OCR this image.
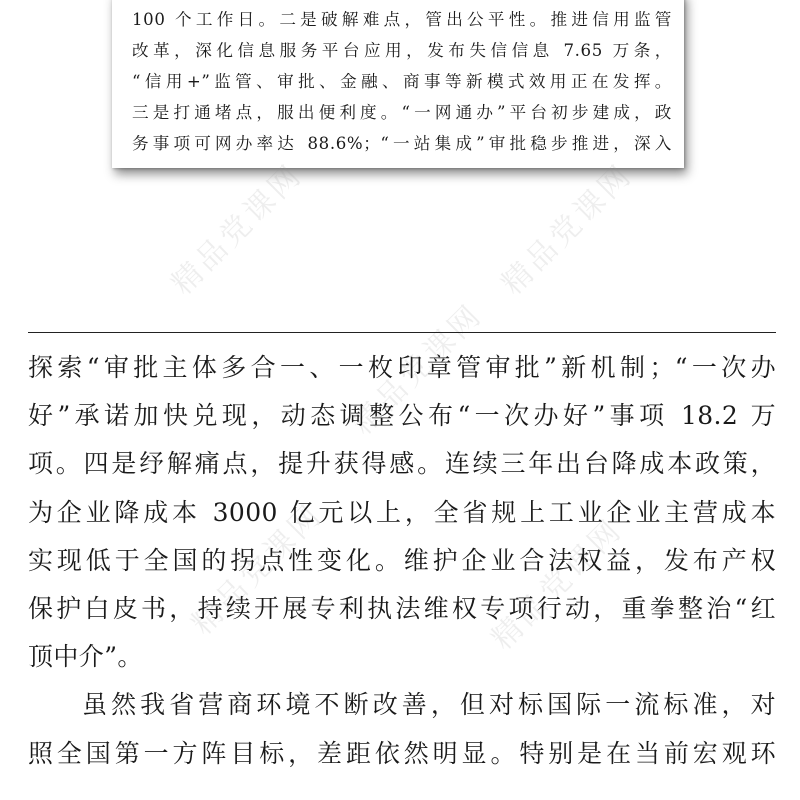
100 个工作日。二是破解难点，管出公平性。推进信用监管
改革，深化信息服务平台应用，发布失信信息 7.65 万条，
“信用+”监管、审批、金融、商事等新模式效用正在发挥。
三是打通堵点，服出便利度。“一网通办”平台初步建成，政
务事项可网办率达 88.6%；“一站集成”审批稳步推进，深入
精品党课网	精品党课网
精品党课网
精品党课网	精品党课网
探索“审批主体多合一、一枚印章管审批”新机制；“一次办
好”承诺加快兑现，动态调整公布“一次办好”事项 18.2 万
项。四是纾解痛点，提升获得感。连续三年出台降成本政策，
为企业降成本 3000 亿元以上，全省规上工业企业主营成本
实现低于全国的拐点性变化。维护企业合法权益，发布产权
保护白皮书，持续开展专利执法维权专项行动，重拳整治“红
顶中介”。
虽然我省营商环境不断改善，但对标国际一流标准，对
照全国第一方阵目标，差距依然明显。特别是在当前宏观环
